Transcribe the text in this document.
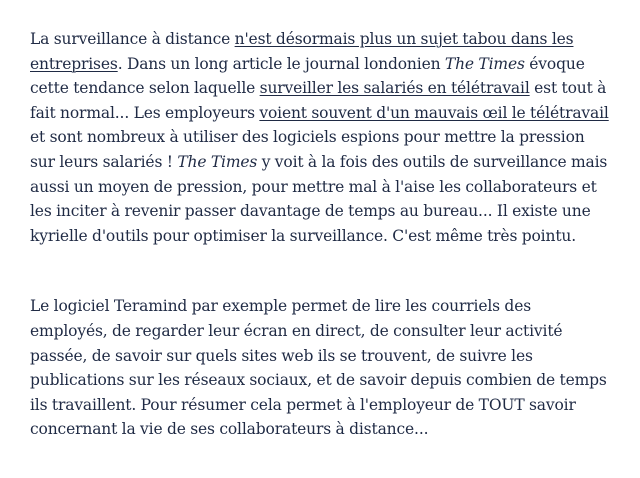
La surveillance à distance n'est désormais plus un sujet tabou dans les entreprises. Dans un long article le journal londonien The Times évoque cette tendance selon laquelle surveiller les salariés en télétravail est tout à fait normal... Les employeurs voient souvent d'un mauvais œil le télétravail et sont nombreux à utiliser des logiciels espions pour mettre la pression sur leurs salariés ! The Times y voit à la fois des outils de surveillance mais aussi un moyen de pression, pour mettre mal à l'aise les collaborateurs et les inciter à revenir passer davantage de temps au bureau... Il existe une kyrielle d'outils pour optimiser la surveillance. C'est même très pointu.

Le logiciel Teramind par exemple permet de lire les courriels des employés, de regarder leur écran en direct, de consulter leur activité passée, de savoir sur quels sites web ils se trouvent, de suivre les publications sur les réseaux sociaux, et de savoir depuis combien de temps ils travaillent. Pour résumer cela permet à l'employeur de TOUT savoir concernant la vie de ses collaborateurs à distance...
